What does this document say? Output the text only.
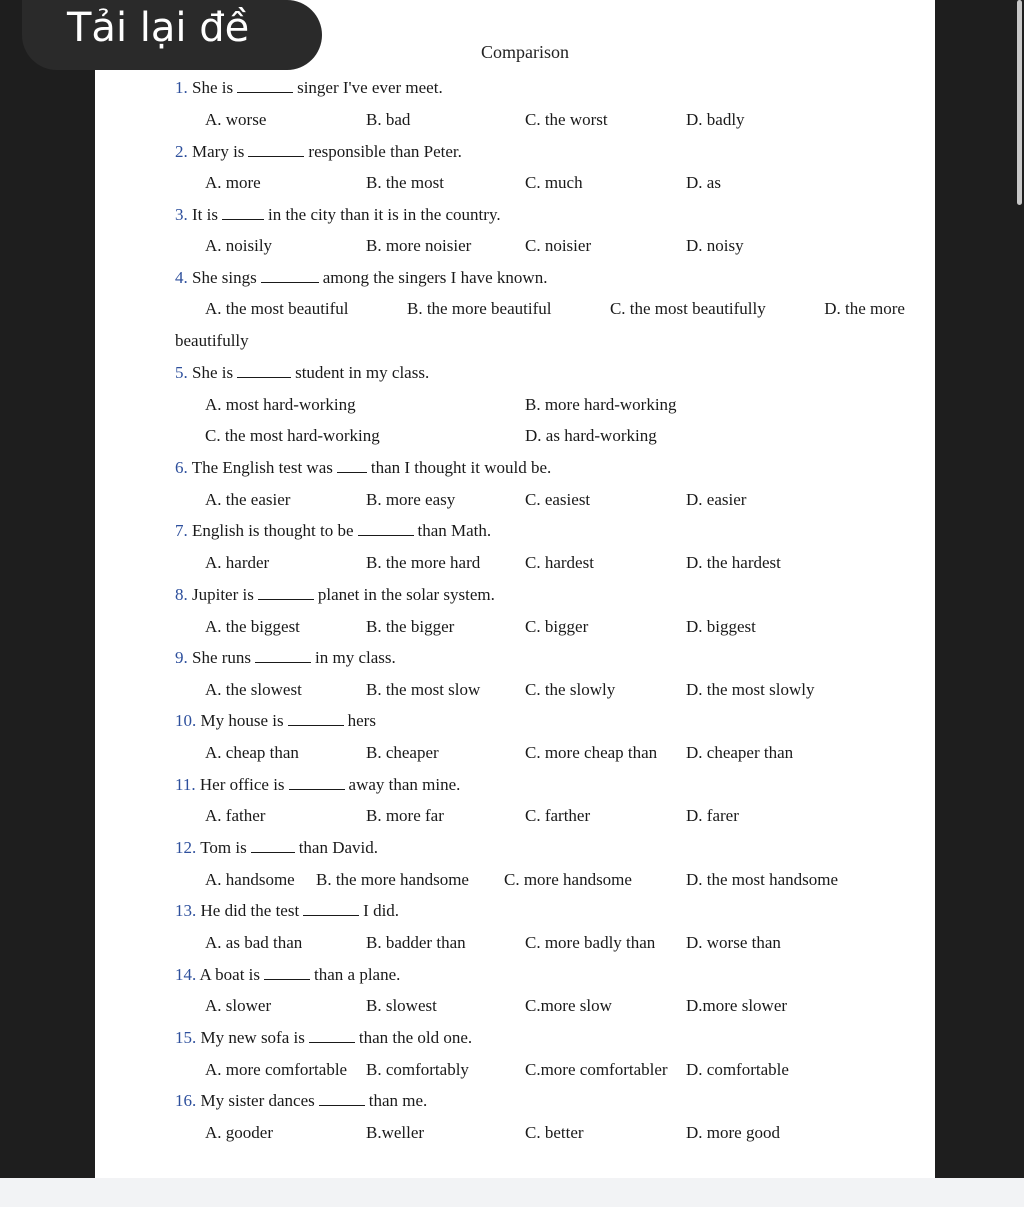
Comparison
Tải lại đề
1. She is	singer I've ever meet.
A. worse	B. bad	C. the worst	D. badly
2. Mary is	responsible than Peter.
A. more	B. the most	C. much	D. as
3. It is	in the city than it is in the country.
A. noisily	B. more noisier	C. noisier	D. noisy
4. She sings	among the singers I have known.
A. the most beautiful	B. the more beautiful	C. the most beautifully	D. the more
beautifully
5. She is	student in my class.
A. most hard-working	B. more hard-working
C. the most hard-working	D. as hard-working
6. The English test was than I thought it would be.
A. the easier	B. more easy	C. easiest	D. easier
7. English is thought to be	than Math.
A. harder	B. the more hard	C. hardest	D. the hardest
8. Jupiter is	planet in the solar system.
A. the biggest	B. the bigger	C. bigger	D. biggest
9. She runs	in my class.
A. the slowest	B. the most slow	C. the slowly	D. the most slowly
10. My house is	hers
A. cheap than	B. cheaper	C. more cheap than D. cheaper than
11. Her office is	away than mine.
A. father	B. more far	C. farther	D. farer
12. Tom is	than David.
A. handsome B. the more handsome C. more handsome	D. the most handsome
13. He did the test	I did.
A. as bad than	B. badder than	C. more badly than D. worse than
14. A boat is	than a plane.
A. slower	B. slowest	C.more slow	D.more slower
15. My new sofa is	than the old one.
A. more comfortable B. comfortably	C.more comfortabler D. comfortable
16. My sister dances	than me.
A. gooder	B.weller	C. better	D. more good
